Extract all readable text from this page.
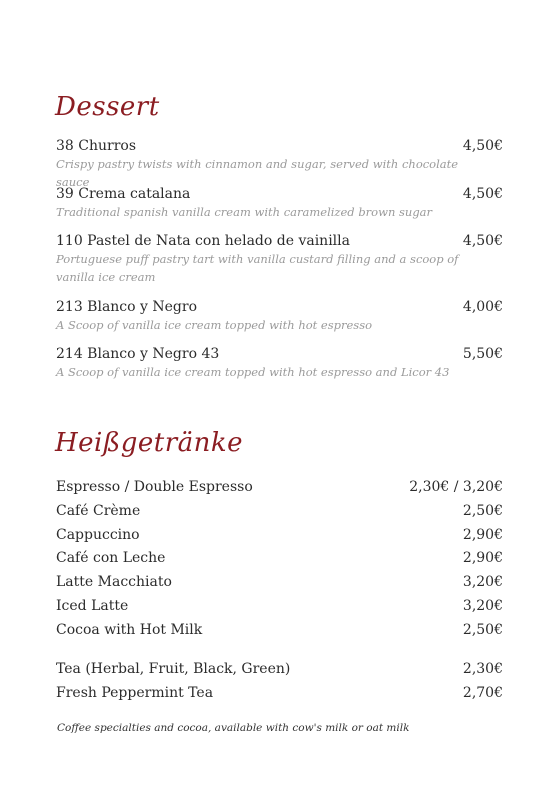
Dessert
38 Churros	4,50€
Crispy pastry twists with cinnamon and sugar, served with chocolate sauce
39 Crema catalana	4,50€
Traditional spanish vanilla cream with caramelized brown sugar
110 Pastel de Nata con helado de vainilla	4,50€
Portuguese puff pastry tart with vanilla custard filling and a scoop of vanilla ice cream
213 Blanco y Negro	4,00€
A Scoop of vanilla ice cream topped with hot espresso
214 Blanco y Negro 43	5,50€
A Scoop of vanilla ice cream topped with hot espresso and Licor 43
Heißgetränke
Espresso / Double Espresso	2,30€ / 3,20€
Café Crème	2,50€
Cappuccino	2,90€
Café con Leche	2,90€
Latte Macchiato	3,20€
Iced Latte	3,20€
Cocoa with Hot Milk	2,50€
Tea (Herbal, Fruit, Black, Green)	2,30€
Fresh Peppermint Tea	2,70€
Coffee specialties and cocoa, available with cow's milk or oat milk
